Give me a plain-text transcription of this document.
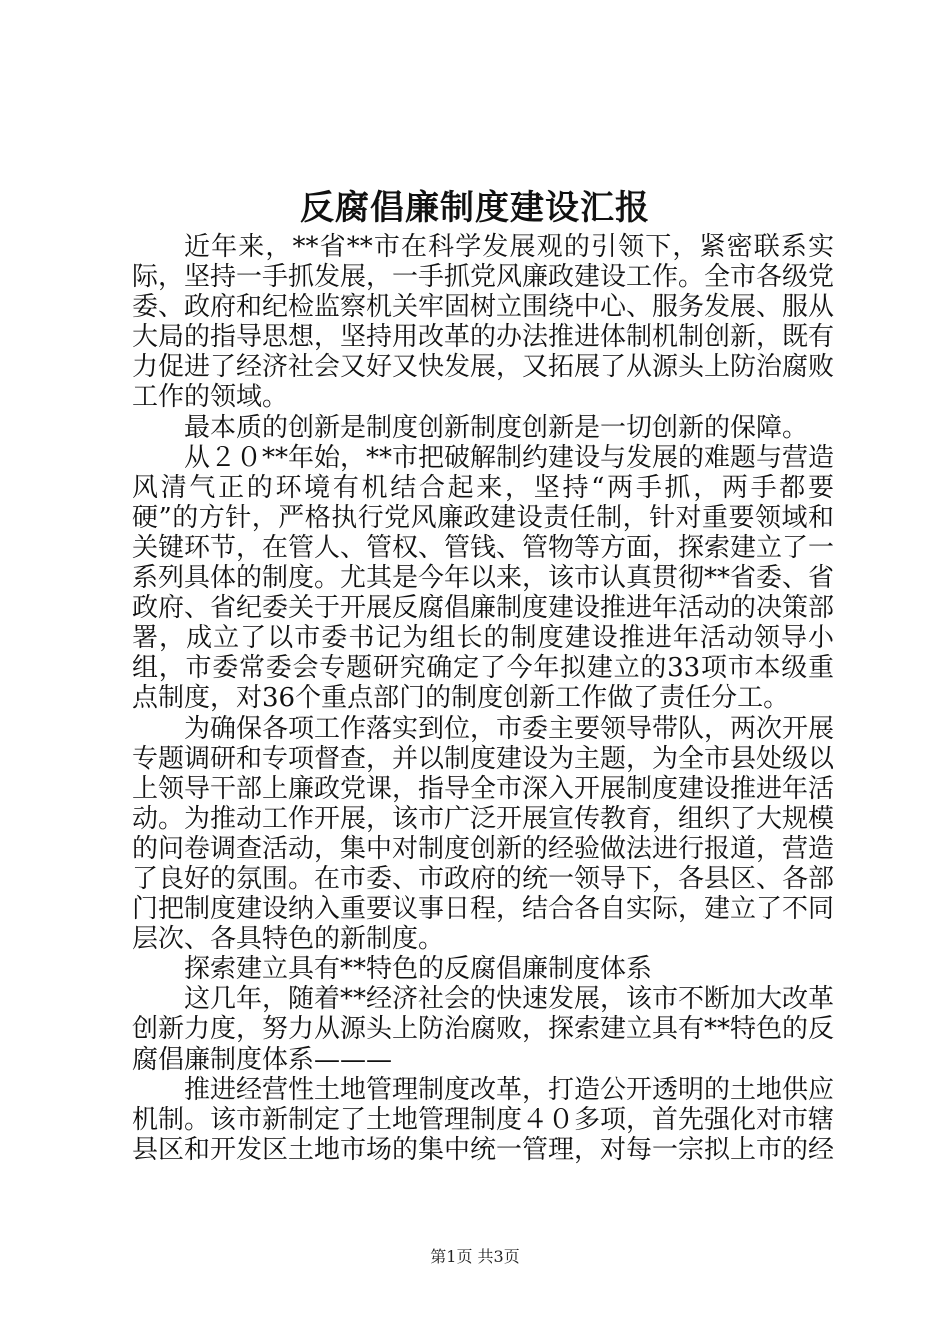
反腐倡廉制度建设汇报

近年来，**省**市在科学发展观的引领下，紧密联系实际，坚持一手抓发展，一手抓党风廉政建设工作。全市各级党委、政府和纪检监察机关牢固树立围绕中心、服务发展、服从大局的指导思想，坚持用改革的办法推进体制机制创新，既有力促进了经济社会又好又快发展，又拓展了从源头上防治腐败工作的领域。

最本质的创新是制度创新制度创新是一切创新的保障。

从２０**年始，**市把破解制约建设与发展的难题与营造风清气正的环境有机结合起来，坚持“两手抓，两手都要硬”的方针，严格执行党风廉政建设责任制，针对重要领域和关键环节，在管人、管权、管钱、管物等方面，探索建立了一系列具体的制度。尤其是今年以来，该市认真贯彻**省委、省政府、省纪委关于开展反腐倡廉制度建设推进年活动的决策部署，成立了以市委书记为组长的制度建设推进年活动领导小组，市委常委会专题研究确定了今年拟建立的33项市本级重点制度，对36个重点部门的制度创新工作做了责任分工。

为确保各项工作落实到位，市委主要领导带队，两次开展专题调研和专项督查，并以制度建设为主题，为全市县处级以上领导干部上廉政党课，指导全市深入开展制度建设推进年活动。为推动工作开展，该市广泛开展宣传教育，组织了大规模的问卷调查活动，集中对制度创新的经验做法进行报道，营造了良好的氛围。在市委、市政府的统一领导下，各县区、各部门把制度建设纳入重要议事日程，结合各自实际，建立了不同层次、各具特色的新制度。

探索建立具有**特色的反腐倡廉制度体系

这几年，随着**经济社会的快速发展，该市不断加大改革创新力度，努力从源头上防治腐败，探索建立具有**特色的反腐倡廉制度体系———

推进经营性土地管理制度改革，打造公开透明的土地供应机制。该市新制定了土地管理制度４０多项，首先强化对市辖县区和开发区土地市场的集中统一管理，对每一宗拟上市的经

第1页 共3页
